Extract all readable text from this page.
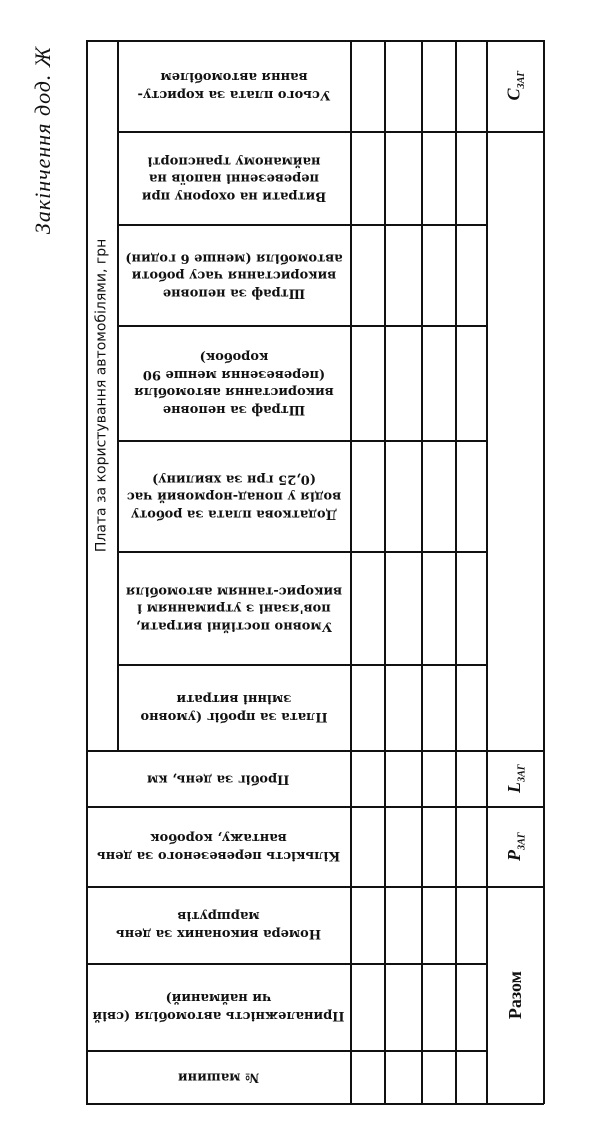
Закінчення дод. Ж
Плата за користування автомобілями, грн
Усього плата за користу-вання автомобілем
Витрати на охорону при перевезенні напоїв на найманому транспорті
Штраф за неповне використання часу роботи автомобіля (менше 6 годин)
Штраф за неповне використання автомобіля (перевезення менше 90 коробок)
Додаткова плата за роботу водія у понад-нормовий час (0,25 грн за хвилину)
Умовно постійні витрати, пов'язані з утриманням і викорис-танням автомобіля
Плата за пробіг (умовно змінні витрати
Пробіг за день, км
Кількість перевезеного за день вантажу, коробок
Номера виконаних за день маршрутів
Приналежність автомобіля (свій чи найманий)
№ машини
$С_{ЗАГ}$
$L_{ЗАГ}$
$Р_{ЗАГ}$
Разом
